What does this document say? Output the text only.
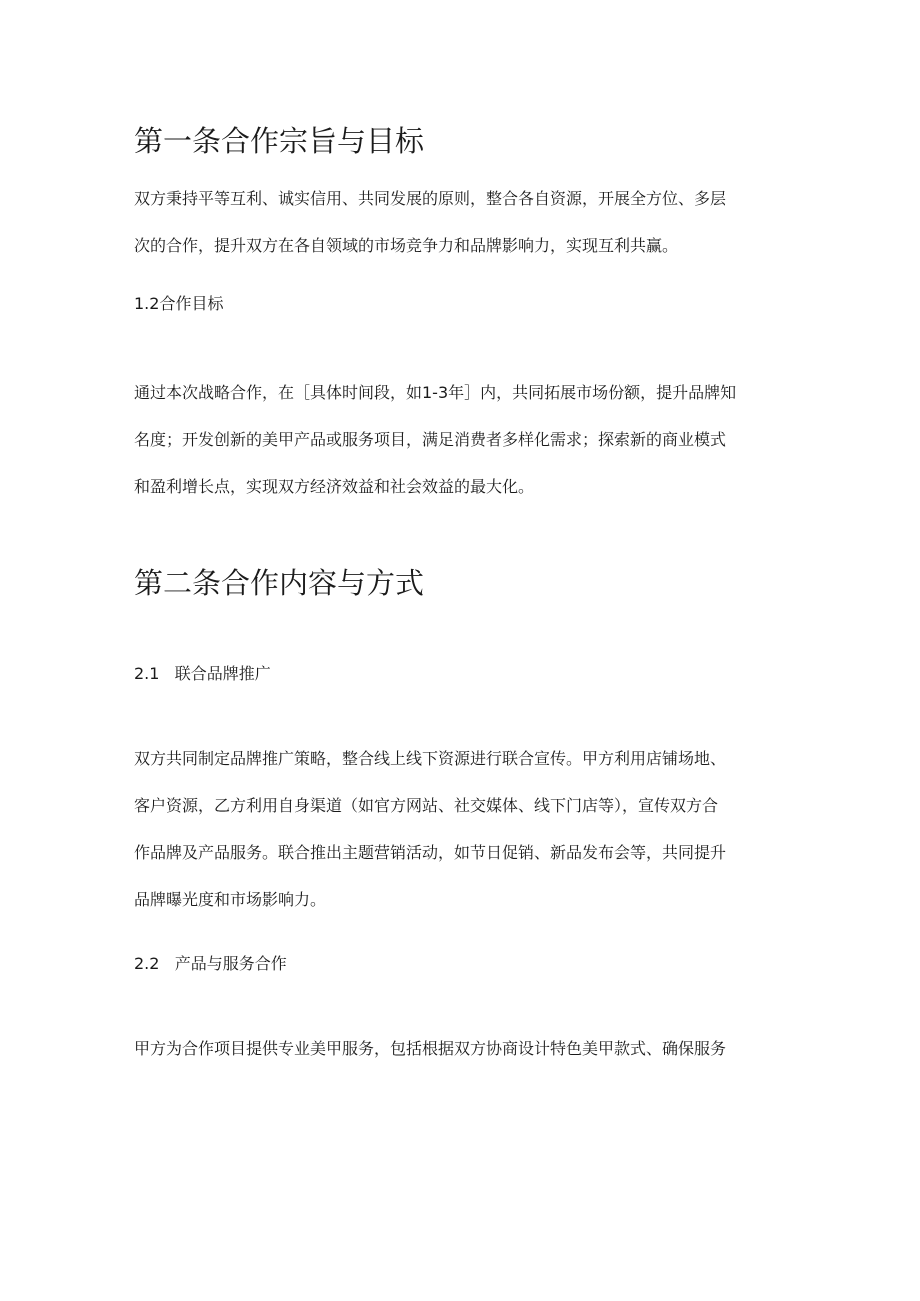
第一条合作宗旨与目标
双方秉持平等互利、诚实信用、共同发展的原则，整合各自资源，开展全方位、多层
次的合作，提升双方在各自领域的市场竞争力和品牌影响力，实现互利共赢。
1.2合作目标
通过本次战略合作，在［具体时间段，如1-3年］内，共同拓展市场份额，提升品牌知
名度；开发创新的美甲产品或服务项目，满足消费者多样化需求；探索新的商业模式
和盈利增长点，实现双方经济效益和社会效益的最大化。
第二条合作内容与方式
2.1   联合品牌推广
双方共同制定品牌推广策略，整合线上线下资源进行联合宣传。甲方利用店铺场地、
客户资源，乙方利用自身渠道（如官方网站、社交媒体、线下门店等），宣传双方合
作品牌及产品服务。联合推出主题营销活动，如节日促销、新品发布会等，共同提升
品牌曝光度和市场影响力。
2.2   产品与服务合作
甲方为合作项目提供专业美甲服务，包括根据双方协商设计特色美甲款式、确保服务
